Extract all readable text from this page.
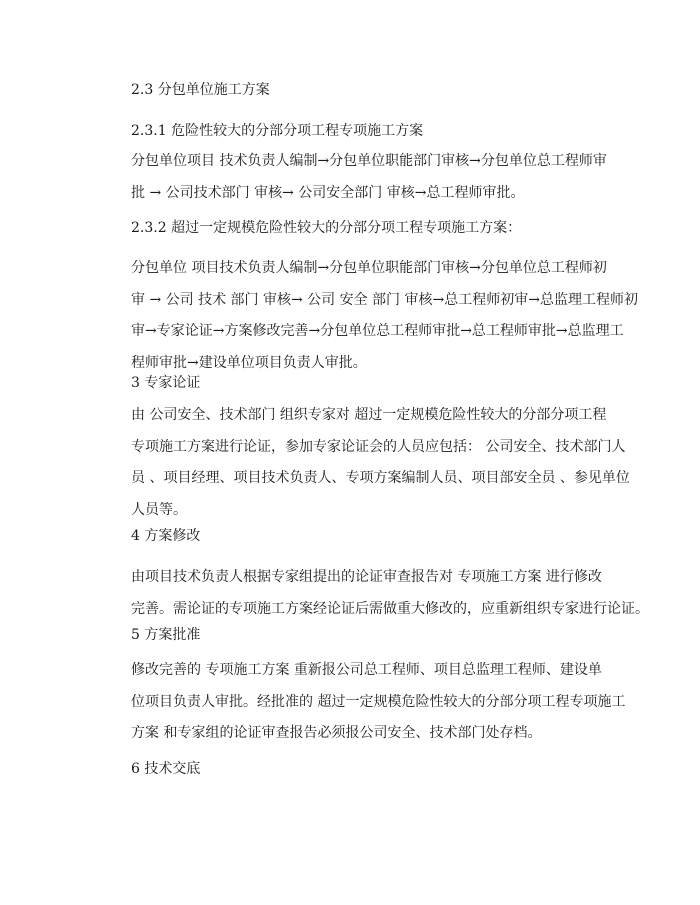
2.3 分包单位施工方案
2.3.1 危险性较大的分部分项工程专项施工方案
分包单位项目 技术负责人编制→分包单位职能部门审核→分包单位总工程师审
批 → 公司技术部门 审核→ 公司安全部门 审核→总工程师审批。
2.3.2 超过一定规模危险性较大的分部分项工程专项施工方案：
分包单位 项目技术负责人编制→分包单位职能部门审核→分包单位总工程师初
审 → 公司 技术 部门 审核→ 公司 安全 部门 审核→总工程师初审→总监理工程师初
审→专家论证→方案修改完善→分包单位总工程师审批→总工程师审批→总监理工
程师审批→建设单位项目负责人审批。
3 专家论证
由 公司安全、技术部门 组织专家对 超过一定规模危险性较大的分部分项工程
专项施工方案进行论证，参加专家论证会的人员应包括： 公司安全、技术部门人
员 、项目经理、项目技术负责人、专项方案编制人员、项目部安全员 、参见单位
人员等。
4 方案修改
由项目技术负责人根据专家组提出的论证审查报告对 专项施工方案 进行修改
完善。需论证的专项施工方案经论证后需做重大修改的，应重新组织专家进行论证。
5 方案批准
修改完善的 专项施工方案 重新报公司总工程师、项目总监理工程师、建设单
位项目负责人审批。经批准的 超过一定规模危险性较大的分部分项工程专项施工
方案 和专家组的论证审查报告必须报公司安全、技术部门处存档。
6 技术交底
